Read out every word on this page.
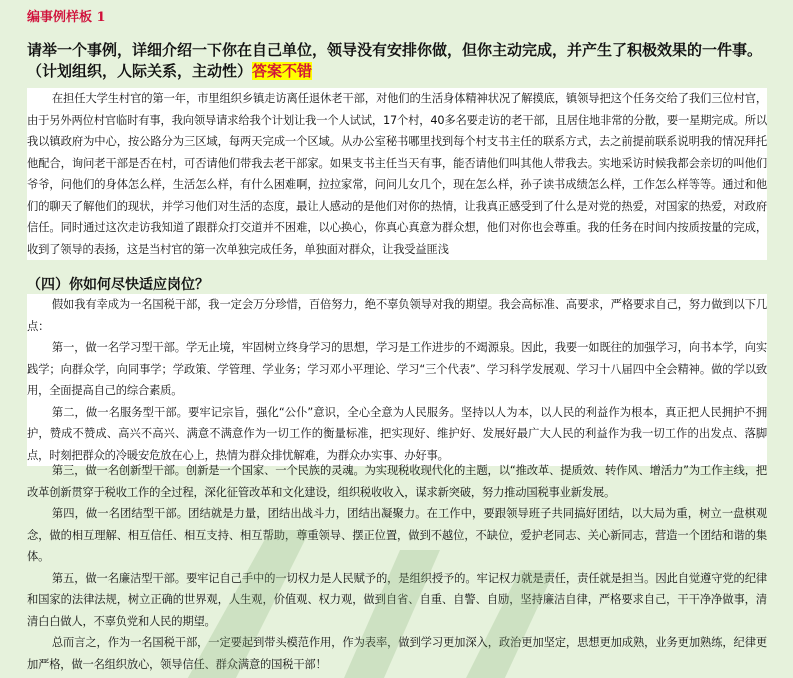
编事例样板 1

请举一个事例，详细介绍一下你在自己单位，领导没有安排你做，但你主动完成，并产生了积极效果的一件事。（计划组织，人际关系，主动性）答案不错

在担任大学生村官的第一年，市里组织乡镇走访离任退休老干部，对他们的生活身体精神状况了解摸底，镇领导把这个任务交给了我们三位村官，由于另外两位村官临时有事，我向领导请求给我个计划让我一个人试试，17个村，40多名要走访的老干部，且居住地非常的分散，要一星期完成。所以我以镇政府为中心，按公路分为三区域，每两天完成一个区域。从办公室秘书哪里找到每个村支书主任的联系方式，去之前提前联系说明我的情况拜托他配合，询问老干部是否在村，可否请他们带我去老干部家。如果支书主任当天有事，能否请他们叫其他人带我去。实地采访时候我都会亲切的叫他们爷爷，问他们的身体怎么样，生活怎么样，有什么困难啊，拉拉家常，问问儿女几个，现在怎么样，孙子读书成绩怎么样，工作怎么样等等。通过和他们的聊天了解他们的现状，并学习他们对生活的态度，最让人感动的是他们对你的热情，让我真正感受到了什么是对党的热爱，对国家的热爱，对政府信任。同时通过这次走访我知道了跟群众打交道并不困难，以心换心，你真心真意为群众想，他们对你也会尊重。我的任务在时间内按质按量的完成，收到了领导的表扬，这是当村官的第一次单独完成任务，单独面对群众，让我受益匪浅

（四）你如何尽快适应岗位？

假如我有幸成为一名国税干部，我一定会万分珍惜，百倍努力，绝不辜负领导对我的期望。我会高标准、高要求，严格要求自己，努力做到以下几点：

第一，做一名学习型干部。学无止境，牢固树立终身学习的思想，学习是工作进步的不竭源泉。因此，我要一如既往的加强学习，向书本学，向实践学；向群众学，向同事学；学政策、学管理、学业务；学习邓小平理论、学习“三个代表”、学习科学发展观、学习十八届四中全会精神。做的学以致用，全面提高自己的综合素质。

第二，做一名服务型干部。要牢记宗旨，强化“公仆”意识，全心全意为人民服务。坚持以人为本，以人民的利益作为根本，真正把人民拥护不拥护，赞成不赞成、高兴不高兴、满意不满意作为一切工作的衡量标准，把实现好、维护好、发展好最广大人民的利益作为我一切工作的出发点、落脚点，时刻把群众的冷暖安危放在心上，热情为群众排忧解难，为群众办实事、办好事。

第三，做一名创新型干部。创新是一个国家、一个民族的灵魂。为实现税收现代化的主题，以“推改革、提质效、转作风、增活力”为工作主线，把改革创新贯穿于税收工作的全过程，深化征管改革和文化建设，组织税收收入，谋求新突破，努力推动国税事业新发展。

第四，做一名团结型干部。团结就是力量，团结出战斗力，团结出凝聚力。在工作中，要跟领导班子共同搞好团结，以大局为重，树立一盘棋观念，做的相互理解、相互信任、相互支持、相互帮助，尊重领导、摆正位置，做到不越位，不缺位，爱护老同志、关心新同志，营造一个团结和谐的集体。

第五，做一名廉洁型干部。要牢记自己手中的一切权力是人民赋予的，是组织授予的。牢记权力就是责任，责任就是担当。因此自觉遵守党的纪律和国家的法律法规，树立正确的世界观，人生观，价值观、权力观，做到自省、自重、自警、自励，坚持廉洁自律，严格要求自己，干干净净做事，清清白白做人，不辜负党和人民的期望。

总而言之，作为一名国税干部，一定要起到带头模范作用，作为表率，做到学习更加深入，政治更加坚定，思想更加成熟，业务更加熟练，纪律更加严格，做一名组织放心，领导信任、群众满意的国税干部！
